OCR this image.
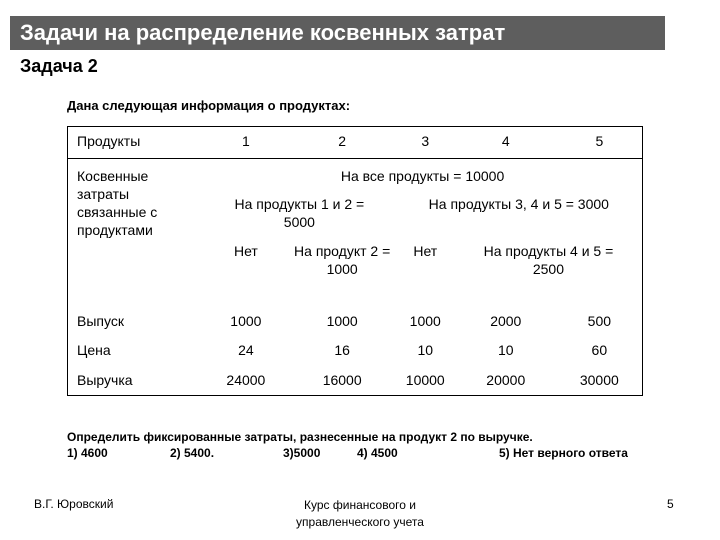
Задачи на распределение косвенных затрат
Задача 2
Дана следующая информация о продуктах:
Продукты	1	2	3	4	5
Косвенные затраты связанные с продуктами	На все продукты = 10000				
	На продукты 1 и 2 = 5000		На продукты 3, 4 и 5 = 3000		
	Нет	На продукт 2 = 1000	Нет	На продукты 4 и 5 = 2500	
Выпуск	1000	1000	1000	2000	500
Цена	24	16	10	10	60
Выручка	24000	16000	10000	20000	30000
Определить фиксированные затраты, разнесенные на продукт 2 по выручке.
1) 4600	2) 5400.	3)5000	4) 4500	5) Нет верного ответа
В.Г. Юровский	Курс финансового и управленческого учета
5
